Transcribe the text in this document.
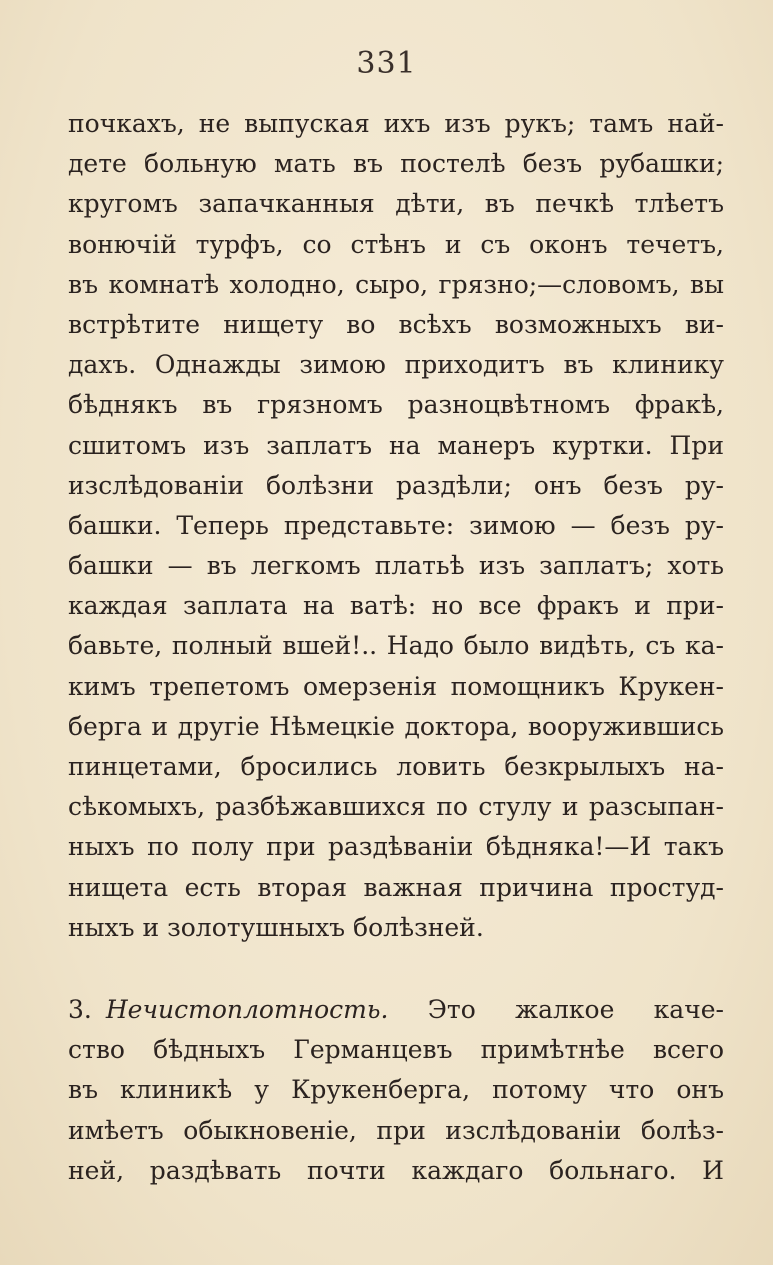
331
почкахъ, не выпуская ихъ изъ рукъ; тамъ най-
дете больную мать въ постелѣ безъ рубашки;
кругомъ запачканныя дѣти, въ печкѣ тлѣетъ
вонючій турфъ, со стѣнъ и съ оконъ течетъ,
въ комнатѣ холодно, сыро, грязно;—словомъ, вы
встрѣтите нищету во всѣхъ возможныхъ ви-
дахъ. Однажды зимою приходитъ въ клинику
бѣднякъ въ грязномъ разноцвѣтномъ фракѣ,
сшитомъ изъ заплатъ на манеръ куртки. При
изслѣдованіи болѣзни раздѣли; онъ безъ ру-
башки. Теперь представьте: зимою — безъ ру-
башки — въ легкомъ платьѣ изъ заплатъ; хоть
каждая заплата на ватѣ: но все фракъ и при-
бавьте, полный вшей!.. Надо было видѣть, съ ка-
кимъ трепетомъ омерзенія помощникъ Крукен-
берга и другіе Нѣмецкіе доктора, вооружившись
пинцетами, бросились ловить безкрылыхъ на-
сѣкомыхъ, разбѣжавшихся по стулу и разсыпан-
ныхъ по полу при раздѣваніи бѣдняка!—И такъ
нищета есть вторая важная причина простуд-
ныхъ и золотушныхъ болѣзней.
3. Нечистоплотность. Это жалкое каче-
ство бѣдныхъ Германцевъ примѣтнѣе всего
въ клиникѣ у Крукенберга, потому что онъ
имѣетъ обыкновеніе, при изслѣдованіи болѣз-
ней, раздѣвать почти каждаго больнаго. И
